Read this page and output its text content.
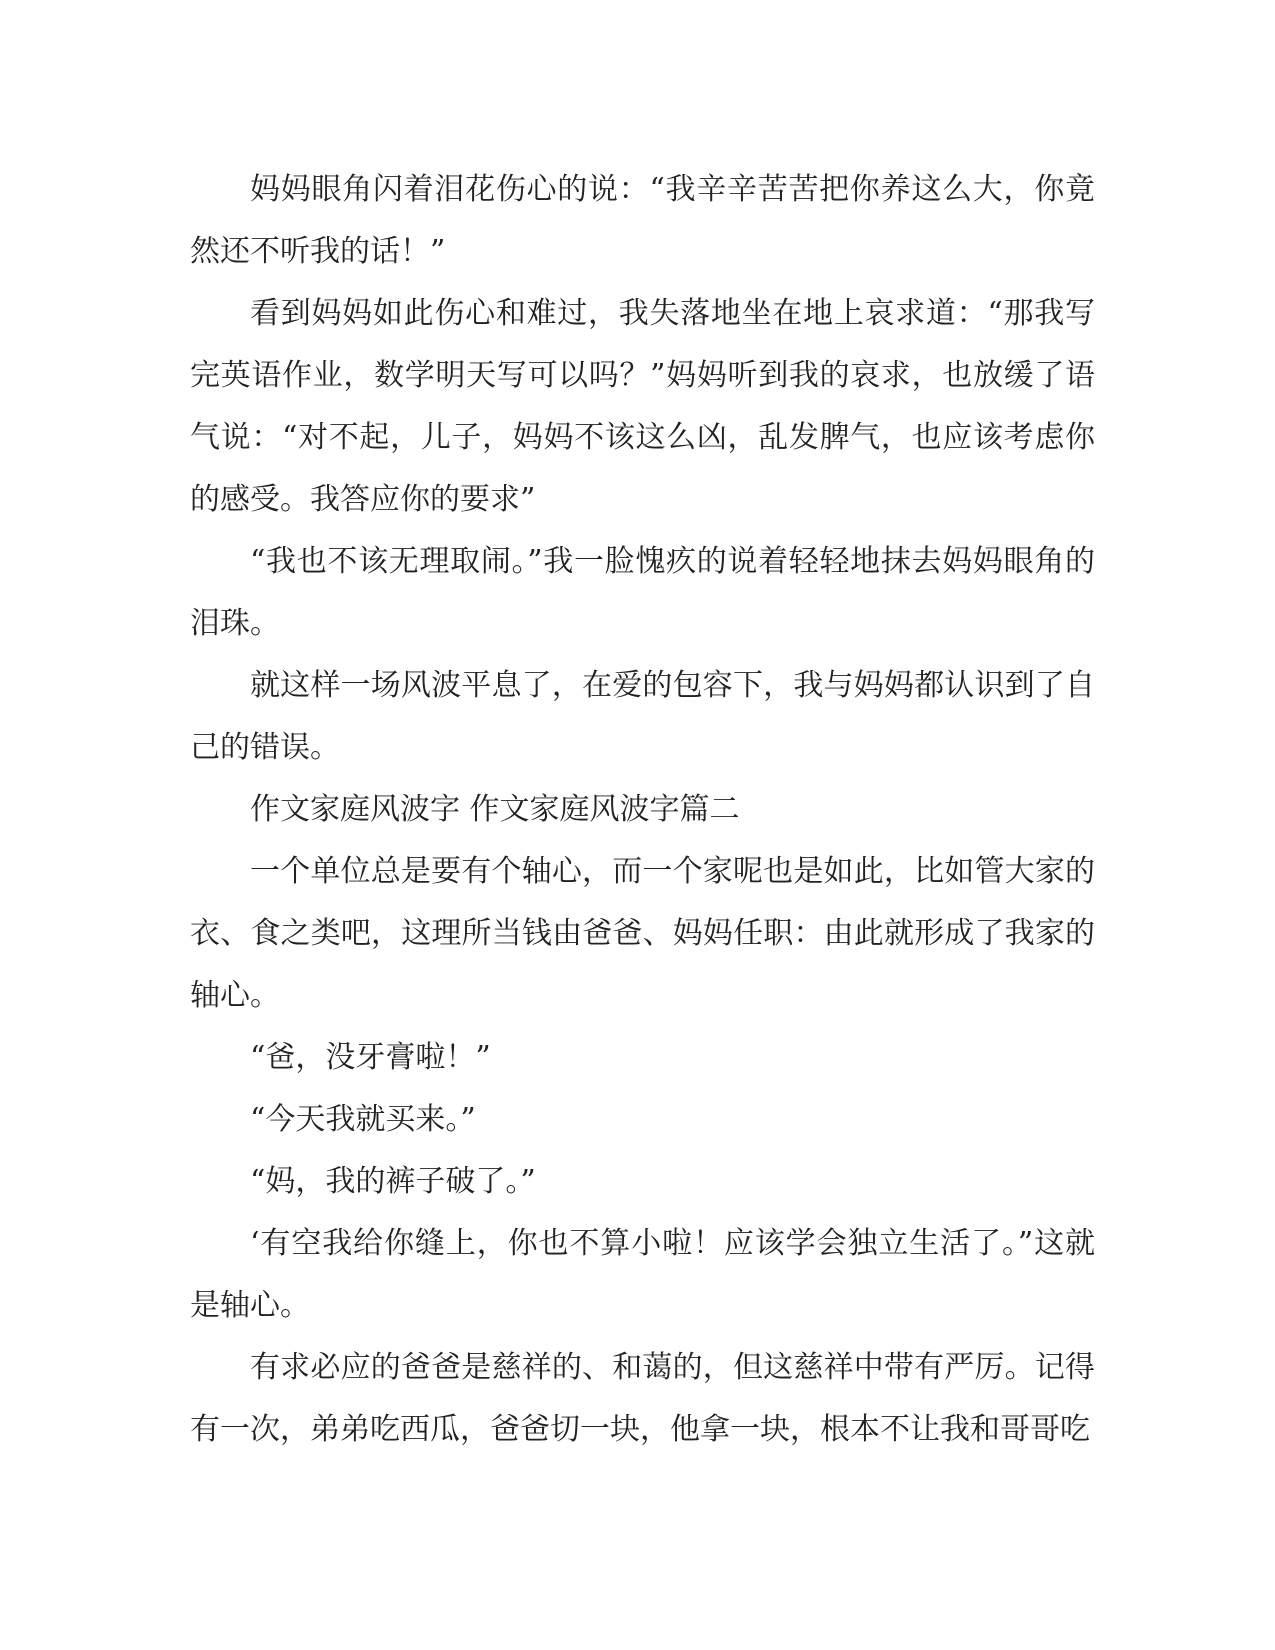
妈妈眼角闪着泪花伤心的说：“我辛辛苦苦把你养这么大，你竟然还不听我的话！”

看到妈妈如此伤心和难过，我失落地坐在地上哀求道：“那我写完英语作业，数学明天写可以吗？”妈妈听到我的哀求，也放缓了语气说：“对不起，儿子，妈妈不该这么凶，乱发脾气，也应该考虑你的感受。我答应你的要求”

“我也不该无理取闹。”我一脸愧疚的说着轻轻地抹去妈妈眼角的泪珠。

就这样一场风波平息了，在爱的包容下，我与妈妈都认识到了自己的错误。

作文家庭风波字 作文家庭风波字篇二

一个单位总是要有个轴心，而一个家呢也是如此，比如管大家的衣、食之类吧，这理所当钱由爸爸、妈妈任职：由此就形成了我家的轴心。

“爸，没牙膏啦！”

“今天我就买来。”

“妈，我的裤子破了。”

‘有空我给你缝上，你也不算小啦！应该学会独立生活了。”这就是轴心。

有求必应的爸爸是慈祥的、和蔼的，但这慈祥中带有严厉。记得有一次，弟弟吃西瓜，爸爸切一块，他拿一块，根本不让我和哥哥吃
